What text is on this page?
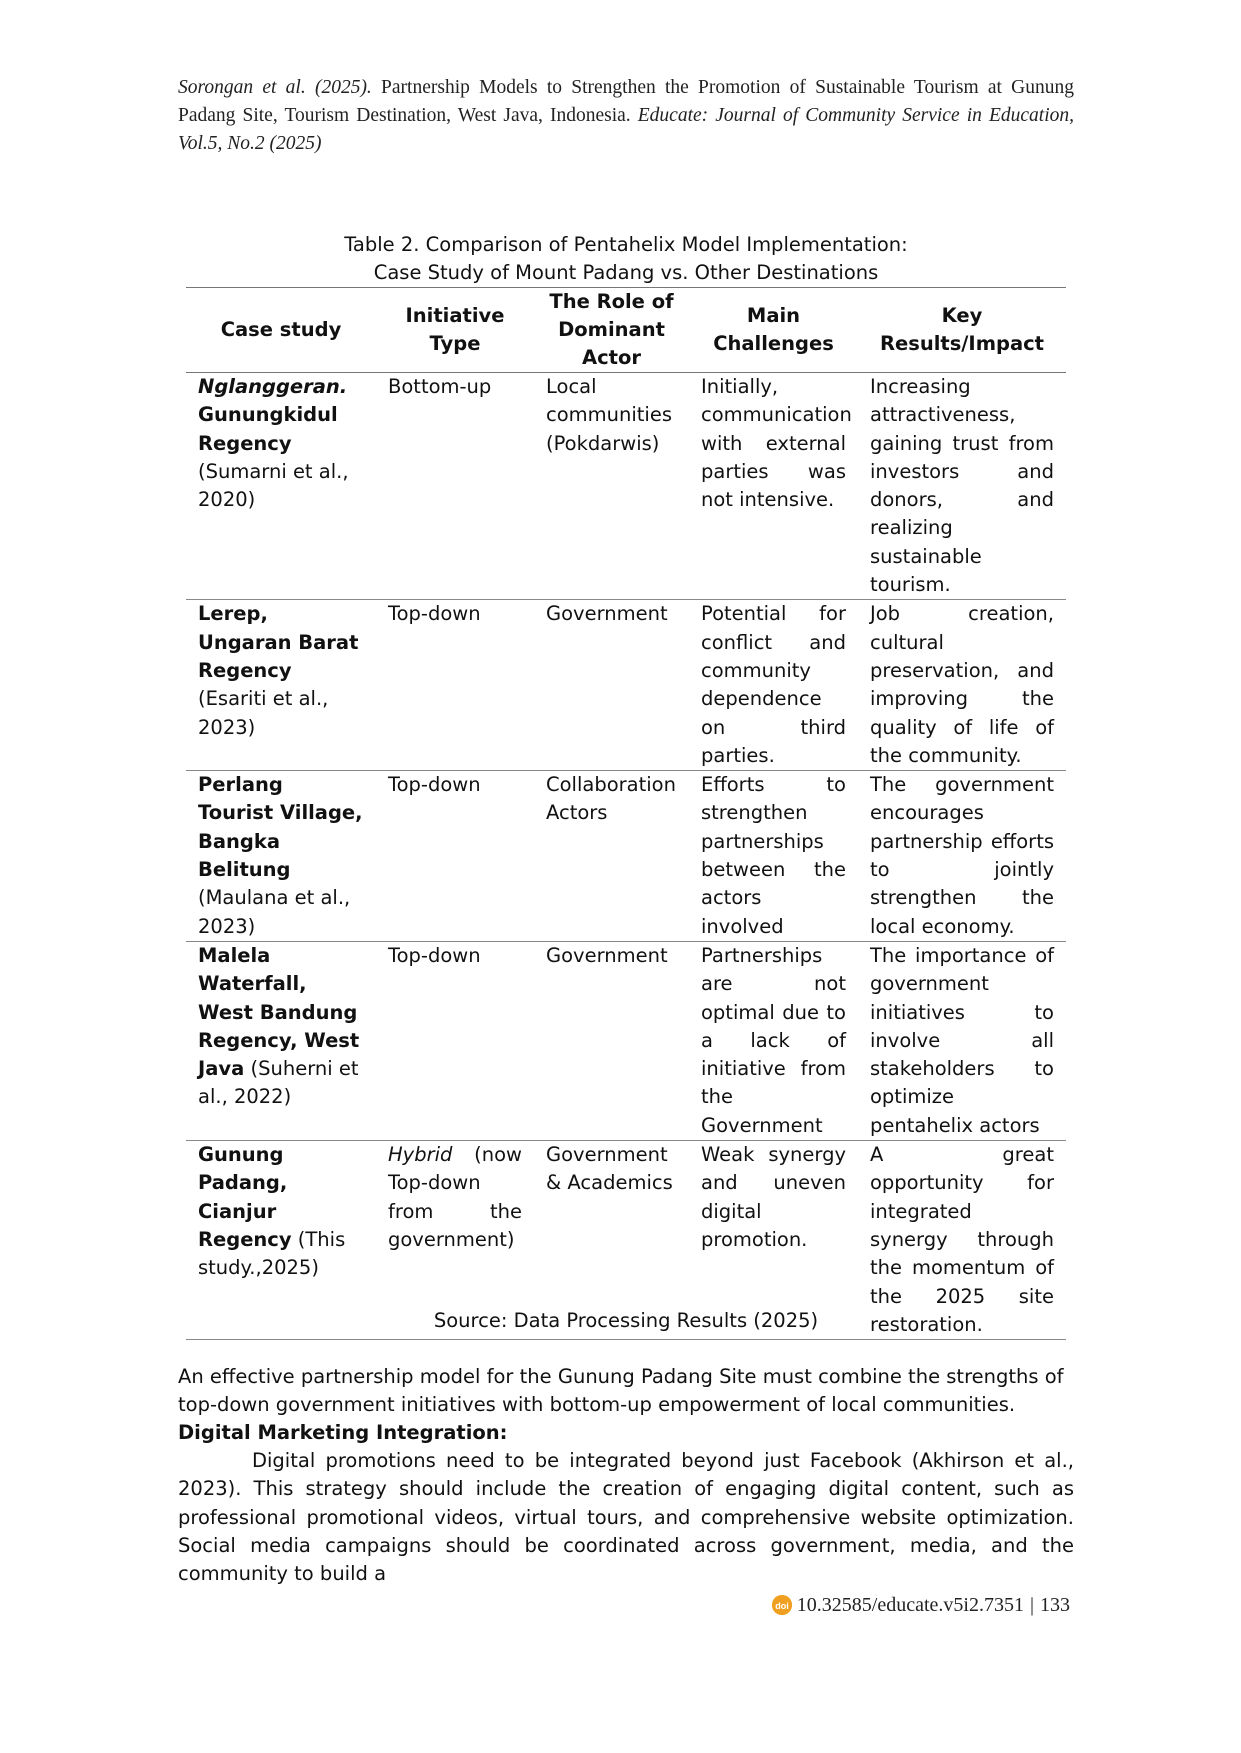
Sorongan et al. (2025). Partnership Models to Strengthen the Promotion of Sustainable Tourism at Gunung Padang Site, Tourism Destination, West Java, Indonesia. Educate: Journal of Community Service in Education, Vol.5, No.2 (2025)
Table 2. Comparison of Pentahelix Model Implementation:
Case Study of Mount Padang vs. Other Destinations
Case study	Initiative Type	The Role of Dominant Actor	Main Challenges	Key Results/Impact
Nglanggeran. Gunungkidul Regency (Sumarni et al., 2020)	Bottom-up	Local communities (Pokdarwis)	Initially, communication with external parties was not intensive.	Increasing attractiveness, gaining trust from investors and donors, and realizing sustainable tourism.
Lerep, Ungaran Barat Regency (Esariti et al., 2023)	Top-down	Government	Potential for conflict and community dependence on third parties.	Job creation, cultural preservation, and improving the quality of life of the community.
Perlang Tourist Village, Bangka Belitung (Maulana et al., 2023)	Top-down	Collaboration Actors	Efforts to strengthen partnerships between the actors involved	The government encourages partnership efforts to jointly strengthen the local economy.
Malela Waterfall, West Bandung Regency, West Java (Suherni et al., 2022)	Top-down	Government	Partnerships are not optimal due to a lack of initiative from the Government	The importance of government initiatives to involve all stakeholders to optimize pentahelix actors
Gunung Padang, Cianjur Regency (This study.,2025)	Hybrid (now Top-down from the government)	Government & Academics	Weak synergy and uneven digital promotion.	A great opportunity for integrated synergy through the momentum of the 2025 site restoration.
Source: Data Processing Results (2025)
An effective partnership model for the Gunung Padang Site must combine the strengths of top-down government initiatives with bottom-up empowerment of local communities.
Digital Marketing Integration:
Digital promotions need to be integrated beyond just Facebook (Akhirson et al., 2023). This strategy should include the creation of engaging digital content, such as professional promotional videos, virtual tours, and comprehensive website optimization. Social media campaigns should be coordinated across government, media, and the community to build a
doi 10.32585/educate.v5i2.7351 | 133
